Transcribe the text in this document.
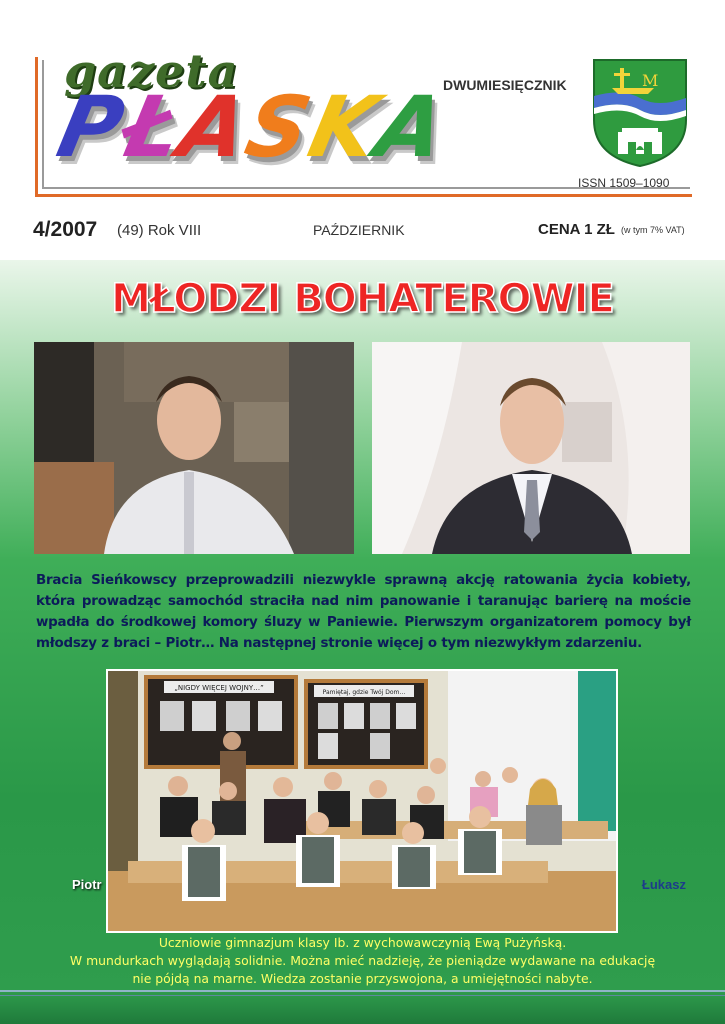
gazeta
P
Ł
A
S
K
A
DWUMIESIĘCZNIK
ISSN 1509–1090
M
4/2007 (49) Rok VIII	PAŹDZIERNIK	CENA 1 ZŁ (w tym 7% VAT)
MŁODZI BOHATEROWIE
Piotr	Łukasz
Bracia Sieńkowscy przeprowadzili niezwykle sprawną akcję ratowania życia kobiety, która prowadząc samochód straciła nad nim panowanie i taranując barierę na moście wpadła do środkowej komory śluzy w Paniewie. Pierwszym organizatorem pomocy był młodszy z braci – Piotr… Na następnej stronie więcej o tym niezwykłym zdarzeniu.
„NIGDY WIĘCEJ WOJNY…”
Pamiętaj, gdzie Twój Dom…
Uczniowie gimnazjum klasy Ib. z wychowawczynią Ewą Pużyńską.
W mundurkach wyglądają solidnie. Można mieć nadzieję, że pieniądze wydawane na edukację
nie pójdą na marne. Wiedza zostanie przyswojona, a umiejętności nabyte.
